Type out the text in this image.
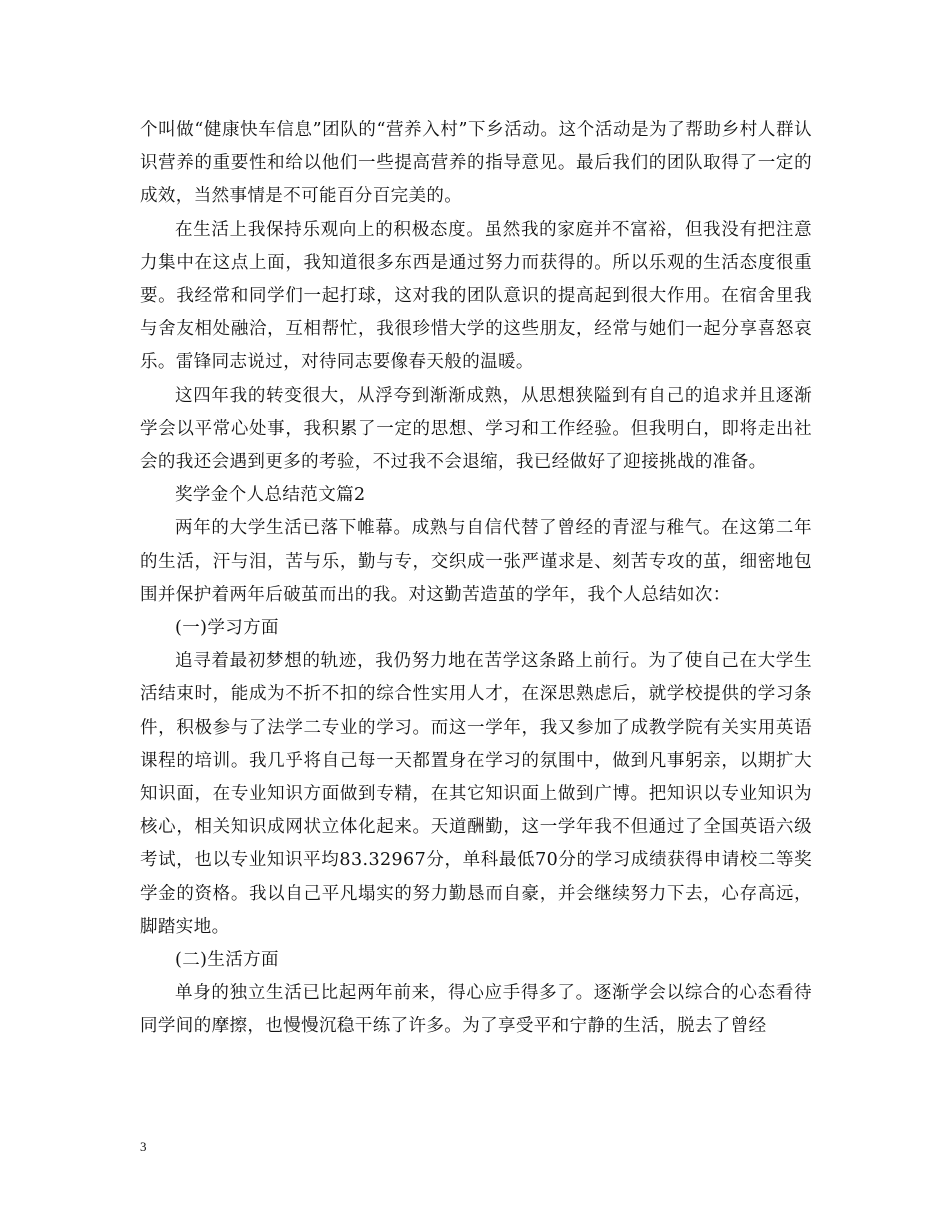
个叫做“健康快车信息”团队的“营养入村”下乡活动。这个活动是为了帮助乡村人群认识营养的重要性和给以他们一些提高营养的指导意见。最后我们的团队取得了一定的成效，当然事情是不可能百分百完美的。

在生活上我保持乐观向上的积极态度。虽然我的家庭并不富裕，但我没有把注意力集中在这点上面，我知道很多东西是通过努力而获得的。所以乐观的生活态度很重要。我经常和同学们一起打球，这对我的团队意识的提高起到很大作用。在宿舍里我与舍友相处融洽，互相帮忙，我很珍惜大学的这些朋友，经常与她们一起分享喜怒哀乐。雷锋同志说过，对待同志要像春天般的温暖。

这四年我的转变很大，从浮夸到渐渐成熟，从思想狭隘到有自己的追求并且逐渐学会以平常心处事，我积累了一定的思想、学习和工作经验。但我明白，即将走出社会的我还会遇到更多的考验，不过我不会退缩，我已经做好了迎接挑战的准备。

奖学金个人总结范文篇2

两年的大学生活已落下帷幕。成熟与自信代替了曾经的青涩与稚气。在这第二年的生活，汗与泪，苦与乐，勤与专，交织成一张严谨求是、刻苦专攻的茧，细密地包围并保护着两年后破茧而出的我。对这勤苦造茧的学年，我个人总结如次：

(一)学习方面

追寻着最初梦想的轨迹，我仍努力地在苦学这条路上前行。为了使自己在大学生活结束时，能成为不折不扣的综合性实用人才，在深思熟虑后，就学校提供的学习条件，积极参与了法学二专业的学习。而这一学年，我又参加了成教学院有关实用英语课程的培训。我几乎将自己每一天都置身在学习的氛围中，做到凡事躬亲，以期扩大知识面，在专业知识方面做到专精，在其它知识面上做到广博。把知识以专业知识为核心，相关知识成网状立体化起来。天道酬勤，这一学年我不但通过了全国英语六级考试，也以专业知识平均83.32967分，单科最低70分的学习成绩获得申请校二等奖学金的资格。我以自己平凡塌实的努力勤恳而自豪，并会继续努力下去，心存高远，脚踏实地。

(二)生活方面

单身的独立生活已比起两年前来，得心应手得多了。逐渐学会以综合的心态看待同学间的摩擦，也慢慢沉稳干练了许多。为了享受平和宁静的生活，脱去了曾经

3
